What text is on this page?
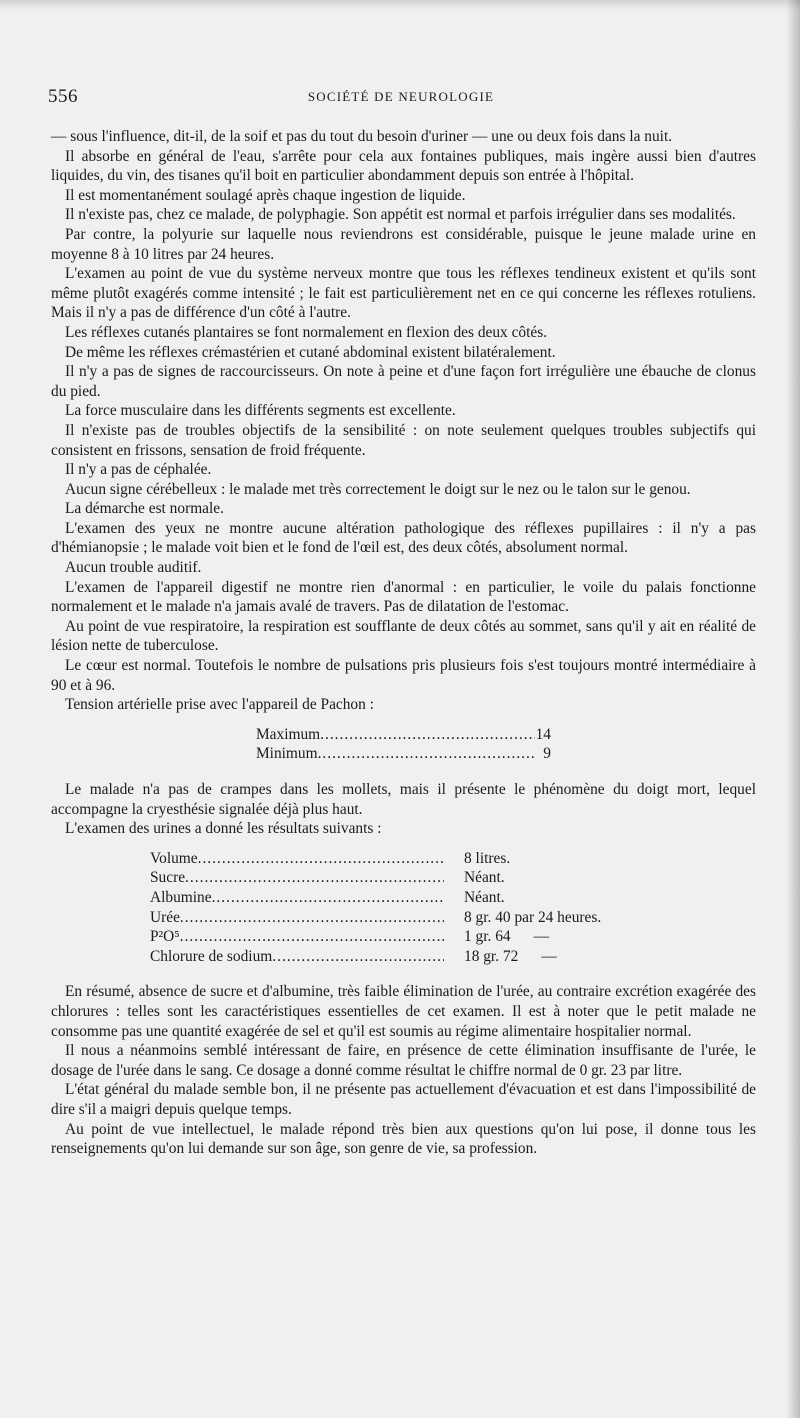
556	SOCIÉTÉ DE NEUROLOGIE

— sous l'influence, dit-il, de la soif et pas du tout du besoin d'uriner — une ou deux fois dans la nuit.

Il absorbe en général de l'eau, s'arrête pour cela aux fontaines publiques, mais ingère aussi bien d'autres liquides, du vin, des tisanes qu'il boit en particulier abondamment depuis son entrée à l'hôpital.

Il est momentanément soulagé après chaque ingestion de liquide.

Il n'existe pas, chez ce malade, de polyphagie. Son appétit est normal et parfois irrégulier dans ses modalités.

Par contre, la polyurie sur laquelle nous reviendrons est considérable, puisque le jeune malade urine en moyenne 8 à 10 litres par 24 heures.

L'examen au point de vue du système nerveux montre que tous les réflexes tendineux existent et qu'ils sont même plutôt exagérés comme intensité ; le fait est particulièrement net en ce qui concerne les réflexes rotuliens. Mais il n'y a pas de différence d'un côté à l'autre.

Les réflexes cutanés plantaires se font normalement en flexion des deux côtés.

De même les réflexes crémastérien et cutané abdominal existent bilatéralement.

Il n'y a pas de signes de raccourcisseurs. On note à peine et d'une façon fort irrégulière une ébauche de clonus du pied.

La force musculaire dans les différents segments est excellente.

Il n'existe pas de troubles objectifs de la sensibilité : on note seulement quelques troubles subjectifs qui consistent en frissons, sensation de froid fréquente.

Il n'y a pas de céphalée.

Aucun signe cérébelleux : le malade met très correctement le doigt sur le nez ou le talon sur le genou.

La démarche est normale.

L'examen des yeux ne montre aucune altération pathologique des réflexes pupillaires : il n'y a pas d'hémianopsie ; le malade voit bien et le fond de l'œil est, des deux côtés, absolument normal.

Aucun trouble auditif.

L'examen de l'appareil digestif ne montre rien d'anormal : en particulier, le voile du palais fonctionne normalement et le malade n'a jamais avalé de travers. Pas de dilatation de l'estomac.

Au point de vue respiratoire, la respiration est soufflante de deux côtés au sommet, sans qu'il y ait en réalité de lésion nette de tuberculose.

Le cœur est normal. Toutefois le nombre de pulsations pris plusieurs fois s'est toujours montré intermédiaire à 90 et à 96.

Tension artérielle prise avec l'appareil de Pachon :

Maximum .....	14
Minimum .....	9

Le malade n'a pas de crampes dans les mollets, mais il présente le phénomène du doigt mort, lequel accompagne la cryesthésie signalée déjà plus haut.

L'examen des urines a donné les résultats suivants :

Volume .....	8 litres.
Sucre .....	Néant.
Albumine .....	Néant.
Urée .....	8 gr. 40 par 24 heures.
P²O⁵ .....	1 gr. 64      —
Chlorure de sodium .....	18 gr. 72      —

En résumé, absence de sucre et d'albumine, très faible élimination de l'urée, au contraire excrétion exagérée des chlorures : telles sont les caractéristiques essentielles de cet examen. Il est à noter que le petit malade ne consomme pas une quantité exagérée de sel et qu'il est soumis au régime alimentaire hospitalier normal.

Il nous a néanmoins semblé intéressant de faire, en présence de cette élimination insuffisante de l'urée, le dosage de l'urée dans le sang. Ce dosage a donné comme résultat le chiffre normal de 0 gr. 23 par litre.

L'état général du malade semble bon, il ne présente pas actuellement d'évacuation et est dans l'impossibilité de dire s'il a maigri depuis quelque temps.

Au point de vue intellectuel, le malade répond très bien aux questions qu'on lui pose, il donne tous les renseignements qu'on lui demande sur son âge, son genre de vie, sa profession.
